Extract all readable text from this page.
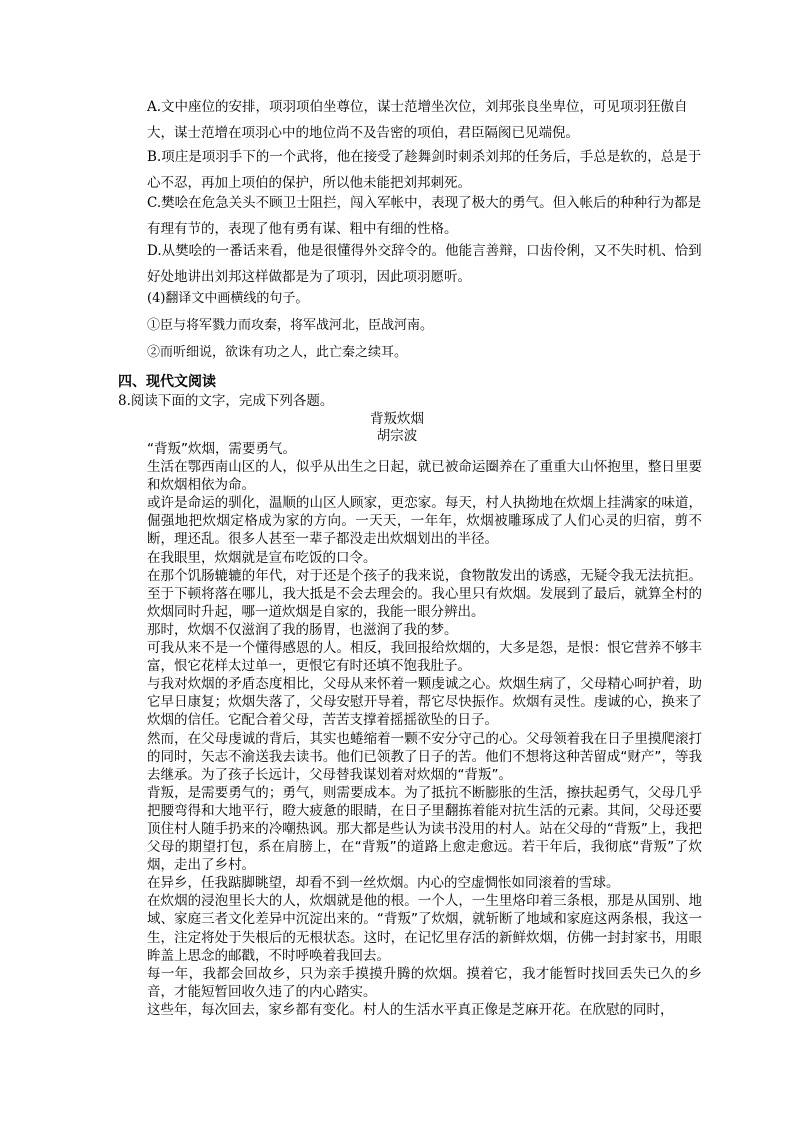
A.文中座位的安排，项羽项伯坐尊位，谋士范增坐次位，刘邦张良坐卑位，可见项羽狂傲自大，谋士范增在项羽心中的地位尚不及告密的项伯，君臣隔阂已见端倪。

B.项庄是项羽手下的一个武将，他在接受了趁舞剑时刺杀刘邦的任务后，手总是软的，总是于心不忍，再加上项伯的保护，所以他未能把刘邦刺死。

C.樊哙在危急关头不顾卫士阻拦，闯入军帐中，表现了极大的勇气。但入帐后的种种行为都是有理有节的，表现了他有勇有谋、粗中有细的性格。

D.从樊哙的一番话来看，他是很懂得外交辞令的。他能言善辩，口齿伶俐，又不失时机、恰到好处地讲出刘邦这样做都是为了项羽，因此项羽愿听。

(4)翻译文中画横线的句子。
①臣与将军戮力而攻秦，将军战河北，臣战河南。
②而听细说，欲诛有功之人，此亡秦之续耳。
四、现代文阅读
8.阅读下面的文字，完成下列各题。
背叛炊烟
胡宗波

“背叛”炊烟，需要勇气。

生活在鄂西南山区的人，似乎从出生之日起，就已被命运圈养在了重重大山怀抱里，整日里要和炊烟相依为命。

或许是命运的驯化，温顺的山区人顾家，更恋家。每天，村人执拗地在炊烟上挂满家的味道，倔强地把炊烟定格成为家的方向。一天天，一年年，炊烟被雕琢成了人们心灵的归宿，剪不断，理还乱。很多人甚至一辈子都没走出炊烟划出的半径。

在我眼里，炊烟就是宣布吃饭的口令。

在那个饥肠辘辘的年代，对于还是个孩子的我来说，食物散发出的诱惑，无疑令我无法抗拒。至于下顿将落在哪儿，我大抵是不会去理会的。我心里只有炊烟。发展到了最后，就算全村的炊烟同时升起，哪一道炊烟是自家的，我能一眼分辨出。

那时，炊烟不仅滋润了我的肠胃，也滋润了我的梦。

可我从来不是一个懂得感恩的人。相反，我回报给炊烟的，大多是怨，是恨：恨它营养不够丰富，恨它花样太过单一，更恨它有时还填不饱我肚子。

与我对炊烟的矛盾态度相比，父母从来怀着一颗虔诚之心。炊烟生病了，父母精心呵护着，助它早日康复；炊烟失落了，父母安慰开导着，帮它尽快振作。炊烟有灵性。虔诚的心，换来了炊烟的信任。它配合着父母，苦苦支撑着摇摇欲坠的日子。

然而，在父母虔诚的背后，其实也蜷缩着一颗不安分守己的心。父母领着我在日子里摸爬滚打的同时，矢志不渝送我去读书。他们已领教了日子的苦。他们不想将这种苦留成“财产”，等我去继承。为了孩子长远计，父母替我谋划着对炊烟的“背叛”。

背叛，是需要勇气的；勇气，则需要成本。为了抵抗不断膨胀的生活，擦扶起勇气，父母几乎把腰弯得和大地平行，瞪大疲惫的眼睛，在日子里翻拣着能对抗生活的元素。其间，父母还要顶住村人随手扔来的冷嘲热讽。那大都是些认为读书没用的村人。站在父母的“背叛”上，我把父母的期望打包，系在肩膀上，在“背叛”的道路上愈走愈远。若干年后，我彻底“背叛”了炊烟，走出了乡村。

在异乡，任我踮脚眺望，却看不到一丝炊烟。内心的空虚惆怅如同滚着的雪球。

在炊烟的浸泡里长大的人，炊烟就是他的根。一个人，一生里烙印着三条根，那是从国别、地域、家庭三者文化差异中沉淀出来的。“背叛”了炊烟，就斩断了地域和家庭这两条根，我这一生，注定将处于失根后的无根状态。这时，在记忆里存活的新鲜炊烟，仿佛一封封家书，用眼眸盖上思念的邮戳，不时呼唤着我回去。

每一年，我都会回故乡，只为亲手摸摸升腾的炊烟。摸着它，我才能暂时找回丢失已久的乡音，才能短暂回收久违了的内心踏实。

这些年，每次回去，家乡都有变化。村人的生活水平真正像是芝麻开花。在欣慰的同时，
